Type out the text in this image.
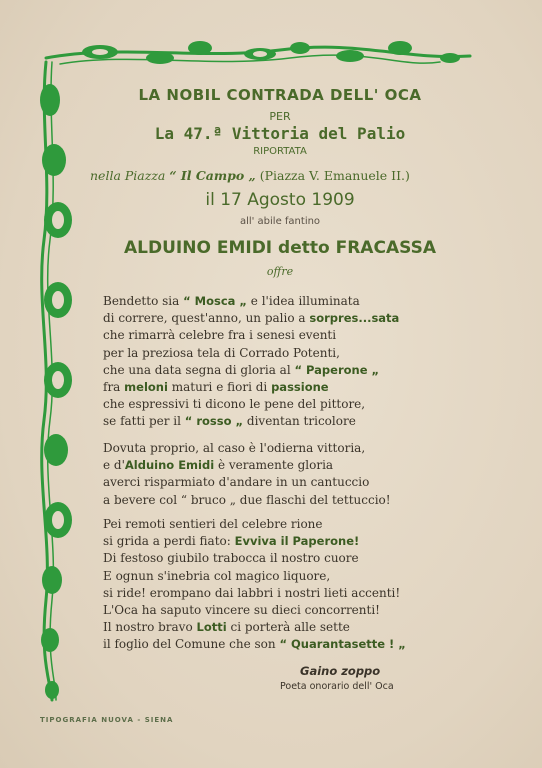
LA NOBIL CONTRADA DELL' OCA
PER
La 47.ª Vittoria del Palio
RIPORTATA
nella Piazza “ Il Campo „ (Piazza V. Emanuele II.)
il 17 Agosto 1909
all' abile fantino
ALDUINO EMIDI detto FRACASSA
offre
Bendetto sia “ Mosca „ e l'idea illuminata
di correre, quest'anno, un palio a sorpres...sata
che rimarrà celebre fra i senesi eventi
per la preziosa tela di Corrado Potenti,
che una data segna di gloria al “ Paperone „
fra meloni maturi e fiori di passione
che espressivi ti dicono le pene del pittore,
se fatti per il “ rosso „ diventan tricolore
Dovuta proprio, al caso è l'odierna vittoria,
e d'Alduino Emidi è veramente gloria
averci risparmiato d'andare in un cantuccio
a bevere col “ bruco „ due flaschi del tettuccio!
Pei remoti sentieri del celebre rione
si grida a perdi fiato: Evviva il Paperone!
Di festoso giubilo trabocca il nostro cuore
E ognun s'inebria col magico liquore,
si ride! erompano dai labbri i nostri lieti accenti!
L'Oca ha saputo vincere su dieci concorrenti!
Il nostro bravo Lotti ci porterà alle sette
il foglio del Comune che son “ Quarantasette ! „
Gaino zoppo
Poeta onorario dell' Oca
TIPOGRAFIA NUOVA - SIENA
